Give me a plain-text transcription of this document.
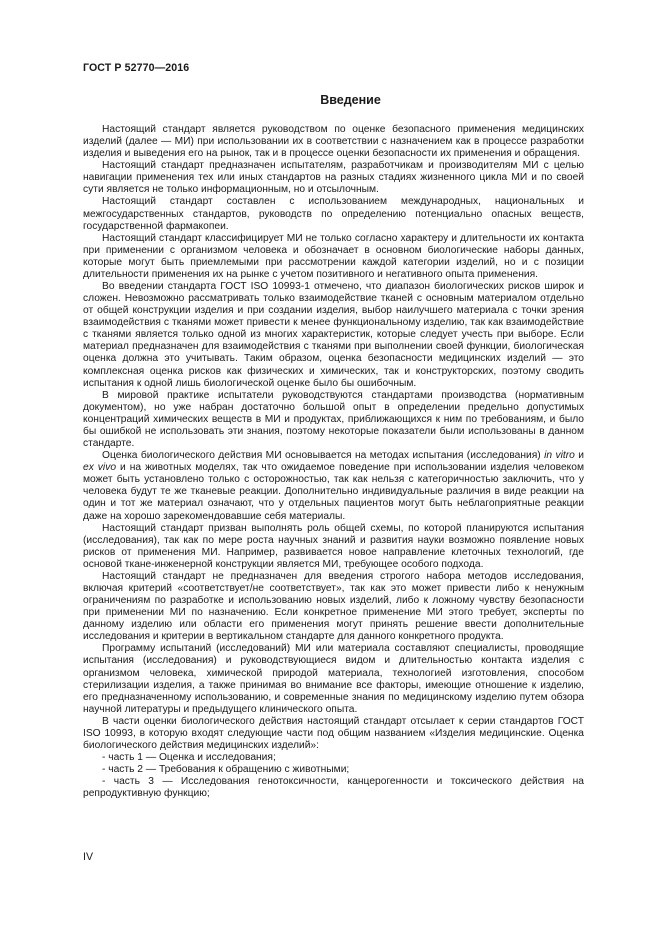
ГОСТ Р 52770—2016
Введение

Настоящий стандарт является руководством по оценке безопасного применения медицинских изделий (далее — МИ) при использовании их в соответствии с назначением как в процессе разработки изделия и выведения его на рынок, так и в процессе оценки безопасности их применения и обращения.

Настоящий стандарт предназначен испытателям, разработчикам и производителям МИ с целью навигации применения тех или иных стандартов на разных стадиях жизненного цикла МИ и по своей сути является не только информационным, но и отсылочным.

Настоящий стандарт составлен с использованием международных, национальных и межгосударственных стандартов, руководств по определению потенциально опасных веществ, государственной фармакопеи.

Настоящий стандарт классифицирует МИ не только согласно характеру и длительности их контакта при применении с организмом человека и обозначает в основном биологические наборы данных, которые могут быть приемлемыми при рассмотрении каждой категории изделий, но и с позиции длительности применения их на рынке с учетом позитивного и негативного опыта применения.

Во введении стандарта ГОСТ ISO 10993-1 отмечено, что диапазон биологических рисков широк и сложен. Невозможно рассматривать только взаимодействие тканей с основным материалом отдельно от общей конструкции изделия и при создании изделия, выбор наилучшего материала с точки зрения взаимодействия с тканями может привести к менее функциональному изделию, так как взаимодействие с тканями является только одной из многих характеристик, которые следует учесть при выборе. Если материал предназначен для взаимодействия с тканями при выполнении своей функции, биологическая оценка должна это учитывать. Таким образом, оценка безопасности медицинских изделий — это комплексная оценка рисков как физических и химических, так и конструкторских, поэтому сводить испытания к одной лишь биологической оценке было бы ошибочным.

В мировой практике испытатели руководствуются стандартами производства (нормативным документом), но уже набран достаточно большой опыт в определении предельно допустимых концентраций химических веществ в МИ и продуктах, приближающихся к ним по требованиям, и было бы ошибкой не использовать эти знания, поэтому некоторые показатели были использованы в данном стандарте.

Оценка биологического действия МИ основывается на методах испытания (исследования) in vitro и ex vivo и на животных моделях, так что ожидаемое поведение при использовании изделия человеком может быть установлено только с осторожностью, так как нельзя с категоричностью заключить, что у человека будут те же тканевые реакции. Дополнительно индивидуальные различия в виде реакции на один и тот же материал означают, что у отдельных пациентов могут быть неблагоприятные реакции даже на хорошо зарекомендовавшие себя материалы.

Настоящий стандарт призван выполнять роль общей схемы, по которой планируются испытания (исследования), так как по мере роста научных знаний и развития науки возможно появление новых рисков от применения МИ. Например, развивается новое направление клеточных технологий, где основой ткане-инженерной конструкции является МИ, требующее особого подхода.

Настоящий стандарт не предназначен для введения строгого набора методов исследования, включая критерий «соответствует/не соответствует», так как это может привести либо к ненужным ограничениям по разработке и использованию новых изделий, либо к ложному чувству безопасности при применении МИ по назначению. Если конкретное применение МИ этого требует, эксперты по данному изделию или области его применения могут принять решение ввести дополнительные исследования и критерии в вертикальном стандарте для данного конкретного продукта.

Программу испытаний (исследований) МИ или материала составляют специалисты, проводящие испытания (исследования) и руководствующиеся видом и длительностью контакта изделия с организмом человека, химической природой материала, технологией изготовления, способом стерилизации изделия, а также принимая во внимание все факторы, имеющие отношение к изделию, его предназначенному использованию, и современные знания по медицинскому изделию путем обзора научной литературы и предыдущего клинического опыта.

В части оценки биологического действия настоящий стандарт отсылает к серии стандартов ГОСТ ISO 10993, в которую входят следующие части под общим названием «Изделия медицинские. Оценка биологического действия медицинских изделий»:

- часть 1 — Оценка и исследования;

- часть 2 — Требования к обращению с животными;

- часть 3 — Исследования генотоксичности, канцерогенности и токсического действия на репродуктивную функцию;

IV
